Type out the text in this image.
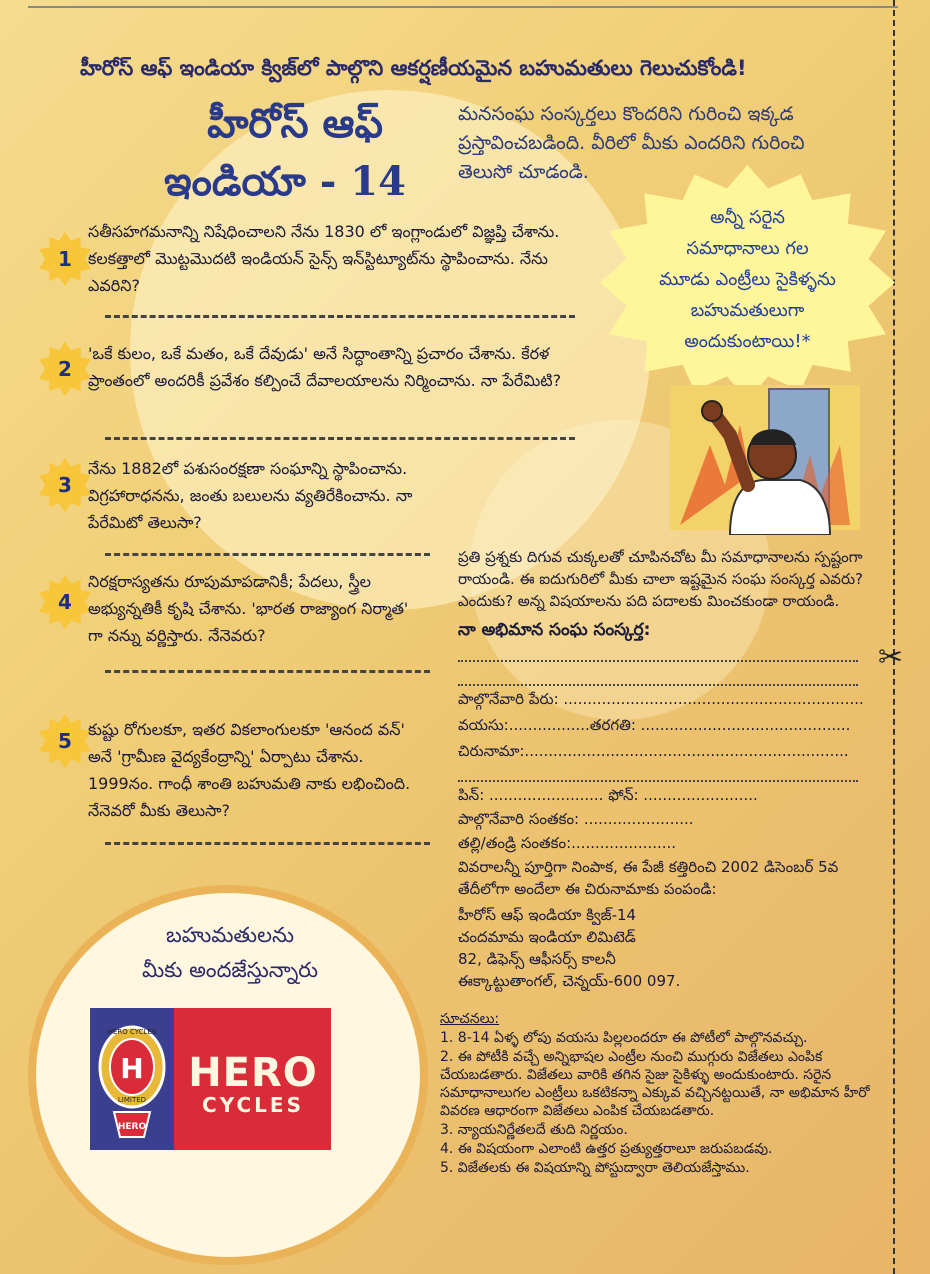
✂
హీరోస్ ఆఫ్ ఇండియా క్విజ్‌లో పాల్గొని ఆకర్షణీయమైన బహుమతులు గెలుచుకోండి!
హీరోస్ ఆఫ్
ఇండియా - 14
మనసంఘ సంస్కర్తలు కొందరిని గురించి ఇక్కడ ప్రస్తావించబడింది. వీరిలో మీకు ఎందరిని గురించి తెలుసో చూడండి.
అన్నీ సరైన
సమాధానాలు గల
మూడు ఎంట్రీలు సైకిళ్ళను
బహుమతులుగా
అందుకుంటాయి!*
1
సతీసహగమనాన్ని నిషేధించాలని నేను 1830 లో ఇంగ్లాండులో విజ్ఞప్తి చేశాను. కలకత్తాలో మొట్టమొదటి ఇండియన్ సైన్స్ ఇన్‌స్టిట్యూట్‌ను స్థాపించాను. నేను ఎవరిని?
2
'ఒకే కులం, ఒకే మతం, ఒకే దేవుడు' అనే సిద్ధాంతాన్ని ప్రచారం చేశాను. కేరళ ప్రాంతంలో అందరికీ ప్రవేశం కల్పించే దేవాలయాలను నిర్మించాను. నా పేరేమిటి?
3
నేను 1882లో పశుసంరక్షణా సంఘాన్ని స్థాపించాను. విగ్రహారాధనను, జంతు బలులను వ్యతిరేకించాను. నా పేరేమిటో తెలుసా?
4
నిరక్షరాస్యతను రూపుమాపడానికీ; పేదలు, స్త్రీల అభ్యున్నతికీ కృషి చేశాను. 'భారత రాజ్యాంగ నిర్మాత' గా నన్ను వర్ణిస్తారు. నేనెవరు?
5	కుష్టు రోగులకూ, ఇతర వికలాంగులకూ 'ఆనంద వన్' అనే 'గ్రామీణ వైద్యకేంద్రాన్ని' ఏర్పాటు చేశాను. 1999నం. గాంధీ శాంతి బహుమతి నాకు లభించింది. నేనెవరో మీకు తెలుసా?
ప్రతి ప్రశ్నకు దిగువ చుక్కలతో చూపినచోట మీ సమాధానాలను స్పష్టంగా రాయండి. ఈ ఐదుగురిలో మీకు చాలా ఇష్టమైన సంఘ సంస్కర్త ఎవరు? ఎందుకు? అన్న విషయాలను పది పదాలకు మించకుండా రాయండి.
నా అభిమాన సంఘ సంస్కర్త:
పాల్గొనేవారి పేరు: ...............................................................
వయసు:.................తరగతి: ............................................
చిరునామా:....................................................................
పిన్: ........................ ఫోన్: ........................
పాల్గొనేవారి సంతకం: .......................
తల్లి/తండ్రి సంతకం:......................
వివరాలన్నీ పూర్తిగా నింపాక, ఈ పేజీ కత్తిరించి 2002 డిసెంబర్ 5వ తేదీలో‌గా అందేలా ఈ చిరునామాకు పంపండి:
హీరోస్ ఆఫ్ ఇండియా క్విజ్-14
చందమామ ఇండియా లిమిటెడ్
82, డిఫెన్స్ ఆఫీసర్స్ కాలనీ
ఈక్కాట్టుతాంగల్, చెన్నయ్-600 097.
బహుమతులను
మీకు అందజేస్తున్నారు
H
HERO CYCLES
LIMITED
HERO
HERO
CYCLES
సూచనలు:
1. 8-14 ఏళ్ళ లోపు వయసు పిల్లలందరూ ఈ పోటీలో పాల్గొనవచ్చు.
2. ఈ పోటీకి వచ్చే అన్నిభాషల ఎంట్రీల నుంచి ముగ్గురు విజేతలు ఎంపిక చేయబడతారు. విజేతలు వారికి తగిన సైజు సైకిళ్ళు అందుకుంటారు. సరైన సమాధానాలుగల ఎంట్రీలు ఒకటికన్నా ఎక్కువ వచ్చినట్టయితే, నా అభిమాన హీరో వివరణ ఆధారంగా విజేతలు ఎంపిక చేయబడతారు.
3. న్యాయనిర్ణేతలదే తుది నిర్ణయం.
4. ఈ విషయంగా ఎలాంటి ఉత్తర ప్రత్యుత్తరాలూ జరుపబడవు.
5. విజేతలకు ఈ విషయాన్ని పోస్టుద్వారా తెలియజేస్తాము.
